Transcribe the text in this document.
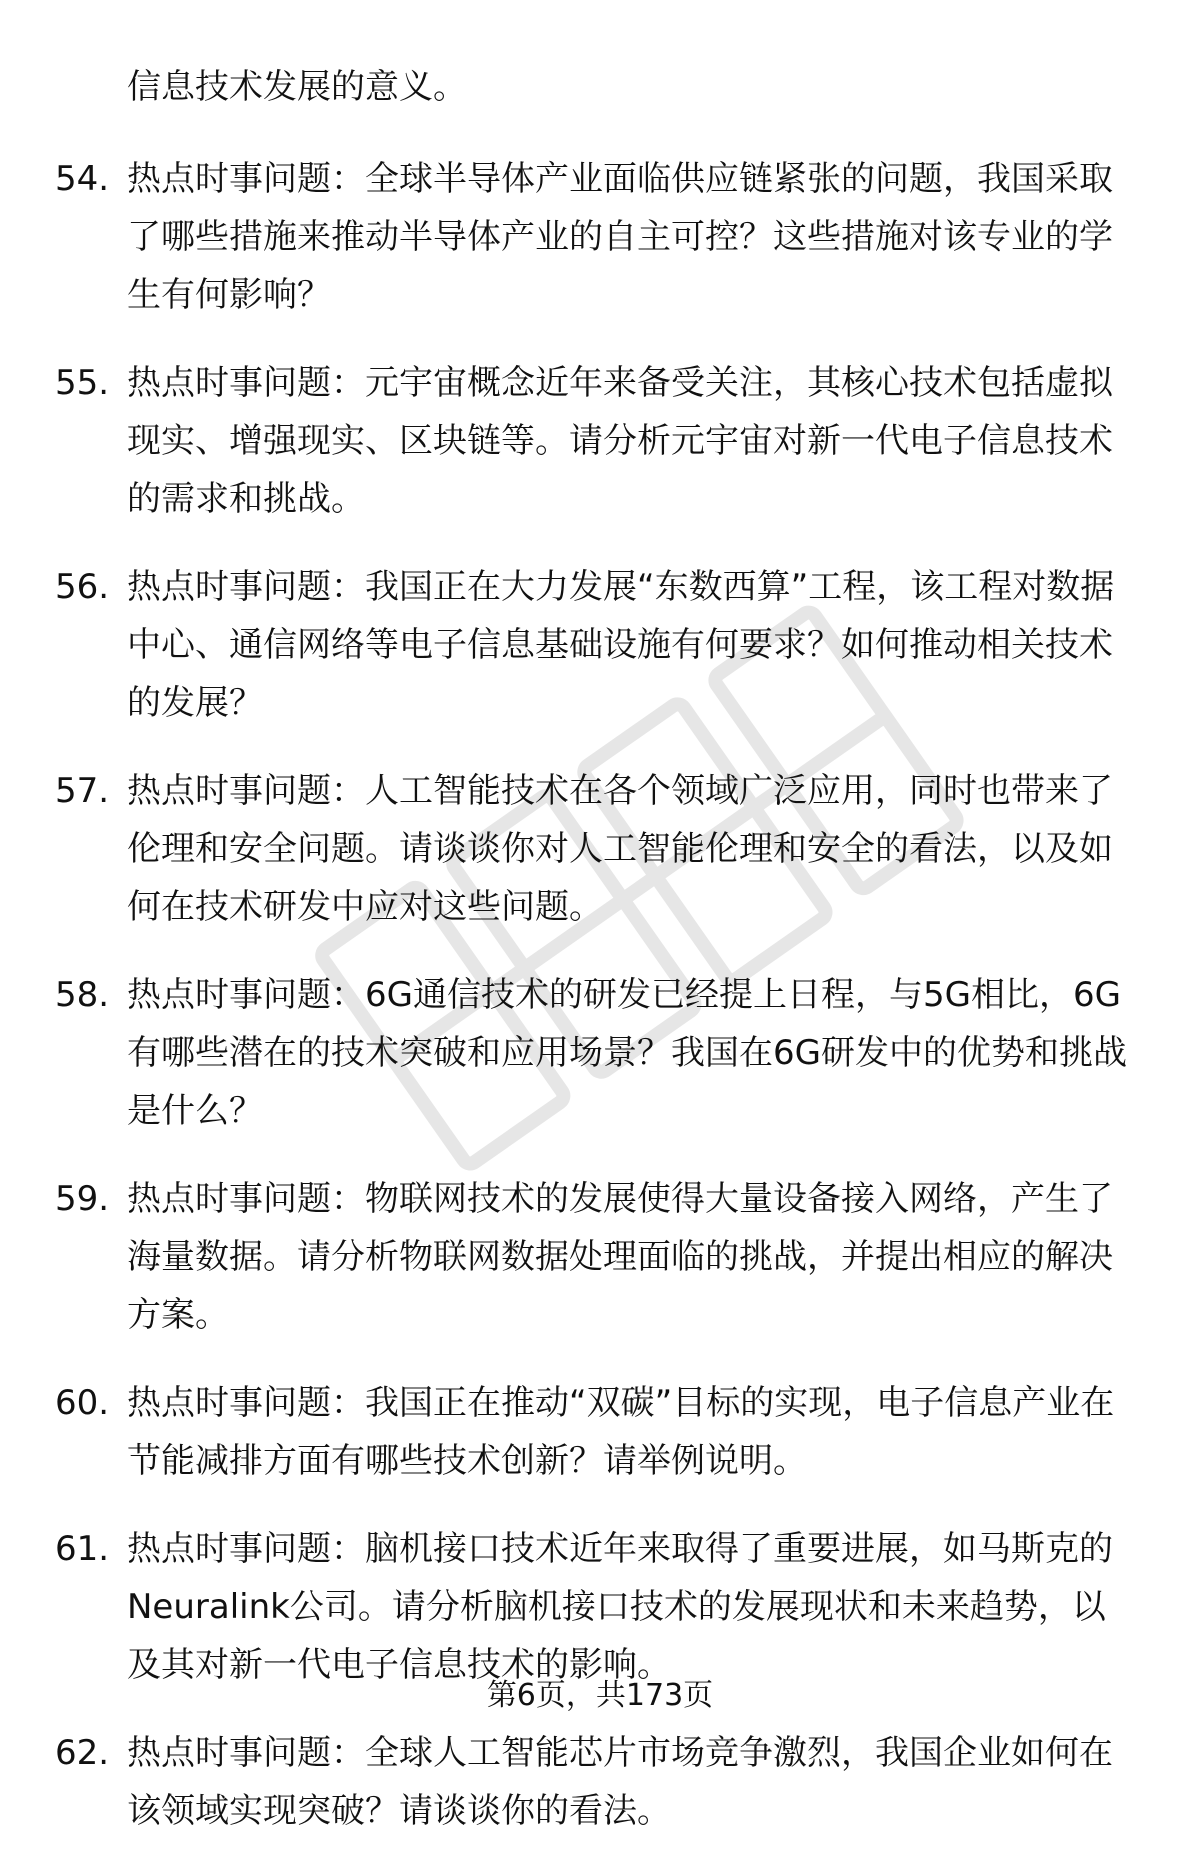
信息技术发展的意义。
54. 热点时事问题：全球半导体产业面临供应链紧张的问题，我国采取了哪些措施来推动半导体产业的自主可控？这些措施对该专业的学生有何影响？
55. 热点时事问题：元宇宙概念近年来备受关注，其核心技术包括虚拟现实、增强现实、区块链等。请分析元宇宙对新一代电子信息技术的需求和挑战。
56. 热点时事问题：我国正在大力发展“东数西算”工程，该工程对数据中心、通信网络等电子信息基础设施有何要求？如何推动相关技术的发展？
57. 热点时事问题：人工智能技术在各个领域广泛应用，同时也带来了伦理和安全问题。请谈谈你对人工智能伦理和安全的看法，以及如何在技术研发中应对这些问题。
58. 热点时事问题：6G通信技术的研发已经提上日程，与5G相比，6G有哪些潜在的技术突破和应用场景？我国在6G研发中的优势和挑战是什么？
59. 热点时事问题：物联网技术的发展使得大量设备接入网络，产生了海量数据。请分析物联网数据处理面临的挑战，并提出相应的解决方案。
60. 热点时事问题：我国正在推动“双碳”目标的实现，电子信息产业在节能减排方面有哪些技术创新？请举例说明。
61. 热点时事问题：脑机接口技术近年来取得了重要进展，如马斯克的Neuralink公司。请分析脑机接口技术的发展现状和未来趋势，以及其对新一代电子信息技术的影响。
62. 热点时事问题：全球人工智能芯片市场竞争激烈，我国企业如何在该领域实现突破？请谈谈你的看法。
第6页，共173页
